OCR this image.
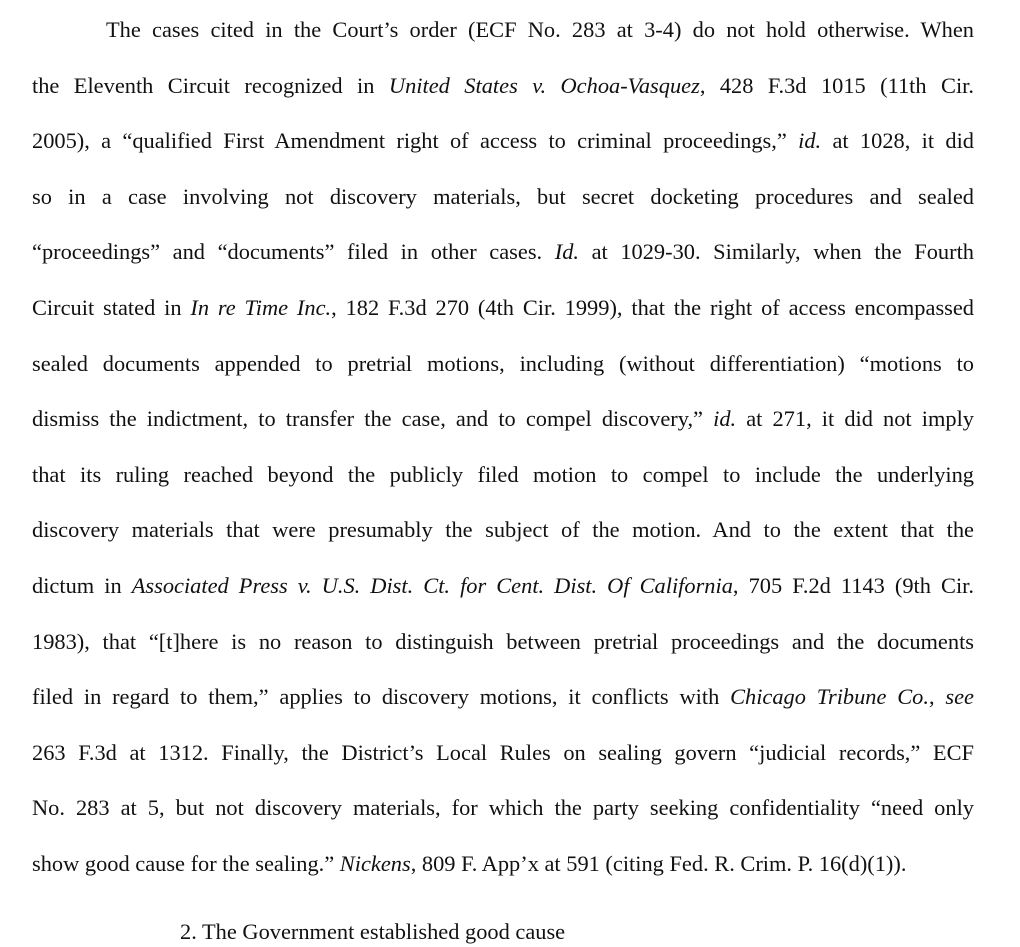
The cases cited in the Court’s order (ECF No. 283 at 3-4) do not hold otherwise. When
the Eleventh Circuit recognized in United States v. Ochoa-Vasquez, 428 F.3d 1015 (11th Cir.
2005), a “qualified First Amendment right of access to criminal proceedings,” id. at 1028, it did
so in a case involving not discovery materials, but secret docketing procedures and sealed
“proceedings” and “documents” filed in other cases. Id. at 1029-30. Similarly, when the Fourth
Circuit stated in In re Time Inc., 182 F.3d 270 (4th Cir. 1999), that the right of access encompassed
sealed documents appended to pretrial motions, including (without differentiation) “motions to
dismiss the indictment, to transfer the case, and to compel discovery,” id. at 271, it did not imply
that its ruling reached beyond the publicly filed motion to compel to include the underlying
discovery materials that were presumably the subject of the motion. And to the extent that the
dictum in Associated Press v. U.S. Dist. Ct. for Cent. Dist. Of California, 705 F.2d 1143 (9th Cir.
1983), that “[t]here is no reason to distinguish between pretrial proceedings and the documents
filed in regard to them,” applies to discovery motions, it conflicts with Chicago Tribune Co., see
263 F.3d at 1312. Finally, the District’s Local Rules on sealing govern “judicial records,” ECF
No. 283 at 5, but not discovery materials, for which the party seeking confidentiality “need only
show good cause for the sealing.” Nickens, 809 F. App’x at 591 (citing Fed. R. Crim. P. 16(d)(1)).
2. The Government established good cause
